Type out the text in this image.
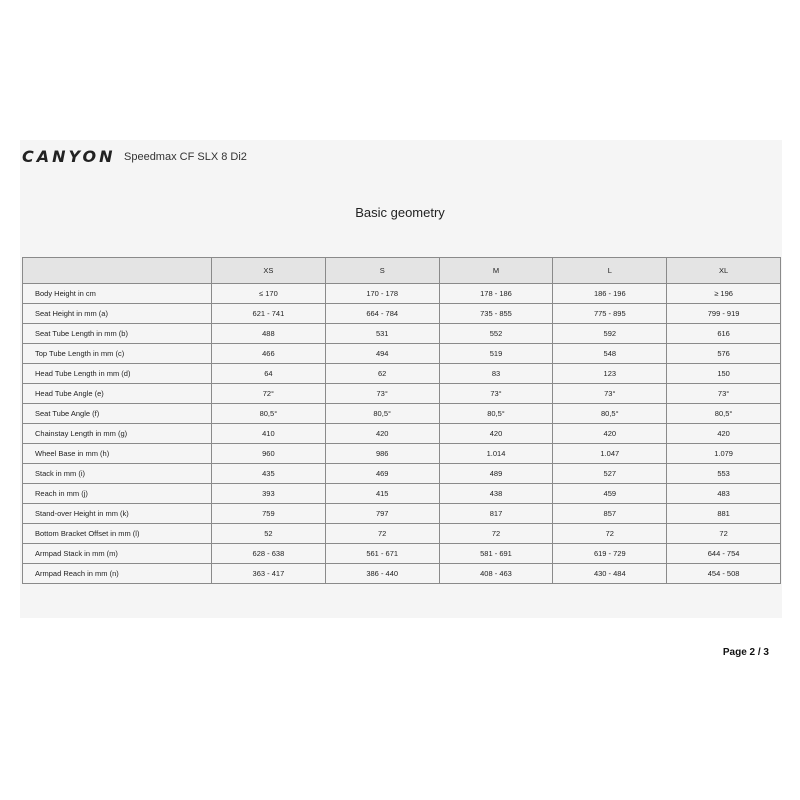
CANYON Speedmax CF SLX 8 Di2
Basic geometry
	XS	S	M	L	XL
Body Height in cm	≤ 170	170 - 178	178 - 186	186 - 196	≥ 196
Seat Height in mm (a)	621 - 741	664 - 784	735 - 855	775 - 895	799 - 919
Seat Tube Length in mm (b)	488	531	552	592	616
Top Tube Length in mm (c)	466	494	519	548	576
Head Tube Length in mm (d)	64	62	83	123	150
Head Tube Angle (e)	72°	73°	73°	73°	73°
Seat Tube Angle (f)	80,5°	80,5°	80,5°	80,5°	80,5°
Chainstay Length in mm (g)	410	420	420	420	420
Wheel Base in mm (h)	960	986	1.014	1.047	1.079
Stack in mm (i)	435	469	489	527	553
Reach in mm (j)	393	415	438	459	483
Stand-over Height in mm (k)	759	797	817	857	881
Bottom Bracket Offset in mm (l)	52	72	72	72	72
Armpad Stack in mm (m)	628 - 638	561 - 671	581 - 691	619 - 729	644 - 754
Armpad Reach in mm (n)	363 - 417	386 - 440	408 - 463	430 - 484	454 - 508
Page 2 / 3
